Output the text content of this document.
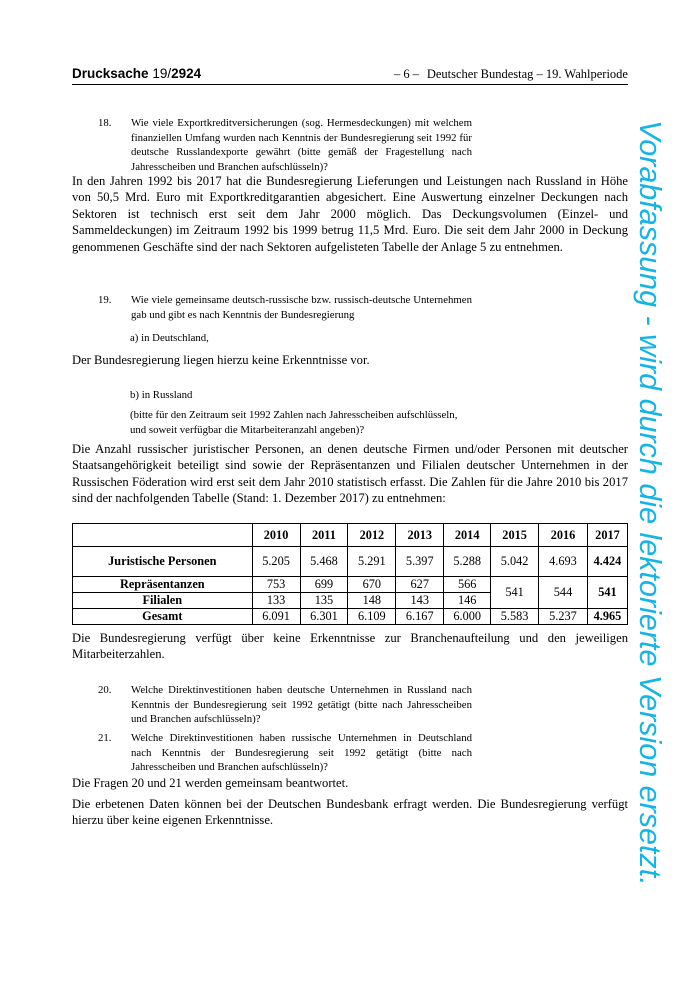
Drucksache 19/2924	– 6 – Deutscher Bundestag – 19. Wahlperiode
18. Wie viele Exportkreditversicherungen (sog. Hermesdeckungen) mit welchem finanziellen Umfang wurden nach Kenntnis der Bundesregierung seit 1992 für deutsche Russlandexporte gewährt (bitte gemäß der Fragestellung nach Jahresscheiben und Branchen aufschlüsseln)?
In den Jahren 1992 bis 2017 hat die Bundesregierung Lieferungen und Leistungen nach Russland in Höhe von 50,5 Mrd. Euro mit Exportkreditgarantien abgesichert. Eine Auswertung einzelner Deckungen nach Sektoren ist technisch erst seit dem Jahr 2000 möglich. Das Deckungsvolumen (Einzel- und Sammeldeckungen) im Zeitraum 1992 bis 1999 betrug 11,5 Mrd. Euro. Die seit dem Jahr 2000 in Deckung genommenen Geschäfte sind der nach Sektoren aufgelisteten Tabelle der Anlage 5 zu entnehmen.
19. Wie viele gemeinsame deutsch-russische bzw. russisch-deutsche Unternehmen gab und gibt es nach Kenntnis der Bundesregierung
a) in Deutschland,
Der Bundesregierung liegen hierzu keine Erkenntnisse vor.
b) in Russland
(bitte für den Zeitraum seit 1992 Zahlen nach Jahresscheiben aufschlüsseln, und soweit verfügbar die Mitarbeiteranzahl angeben)?
Die Anzahl russischer juristischer Personen, an denen deutsche Firmen und/oder Personen mit deutscher Staatsangehörigkeit beteiligt sind sowie der Repräsentanzen und Filialen deutscher Unternehmen in der Russischen Föderation wird erst seit dem Jahr 2010 statistisch erfasst. Die Zahlen für die Jahre 2010 bis 2017 sind der nachfolgenden Tabelle (Stand: 1. Dezember 2017) zu entnehmen:
	2010	2011	2012	2013	2014	2015	2016	2017
Juristische Personen	5.205	5.468	5.291	5.397	5.288	5.042	4.693	4.424
Repräsentanzen	753	699	670	627	566	541	544	541
Filialen	133	135	148	143	146			
Gesamt	6.091	6.301	6.109	6.167	6.000	5.583	5.237	4.965
Die Bundesregierung verfügt über keine Erkenntnisse zur Branchenaufteilung und den jeweiligen Mitarbeiterzahlen.
20. Welche Direktinvestitionen haben deutsche Unternehmen in Russland nach Kenntnis der Bundesregierung seit 1992 getätigt (bitte nach Jahresscheiben und Branchen aufschlüsseln)?
21. Welche Direktinvestitionen haben russische Unternehmen in Deutschland nach Kenntnis der Bundesregierung seit 1992 getätigt (bitte nach Jahresscheiben und Branchen aufschlüsseln)?
Die Fragen 20 und 21 werden gemeinsam beantwortet.
Die erbetenen Daten können bei der Deutschen Bundesbank erfragt werden. Die Bundesregierung verfügt hierzu über keine eigenen Erkenntnisse.	Vorabfassung - wird durch die lektorierte Version ersetzt.
